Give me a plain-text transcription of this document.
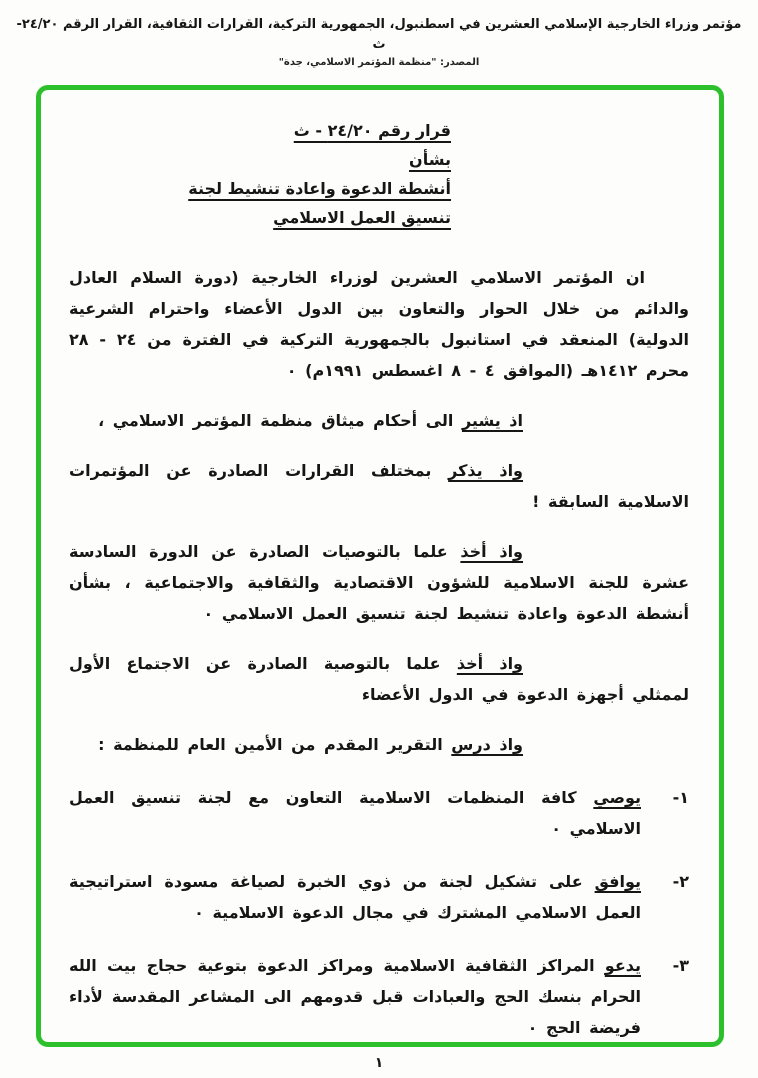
مؤتمر وزراء الخارجية الإسلامي العشرين في اسطنبول، الجمهورية التركية، القرارات الثقافية، القرار الرقم ٢٤/٢٠-ث
المصدر: "منظمة المؤتمر الاسلامي، جدة"
قرار رقم ٢٤/٢٠ - ث
بشأن
أنشطة الدعوة واعادة تنشيط لجنة
تنسيق العمل الاسلامي

ان المؤتمر الاسلامي العشرين لوزراء الخارجية (دورة السلام العادل والدائم من خلال الحوار والتعاون بين الدول الأعضاء واحترام الشرعية الدولية) المنعقد في استانبول بالجمهورية التركية في الفترة من ٢٤ - ٢٨ محرم ١٤١٢هـ (الموافق ٤ - ٨ اغسطس ١٩٩١م) ٠

اذ يشير الى أحكام ميثاق منظمة المؤتمر الاسلامي ،

واذ يذكر بمختلف القرارات الصادرة عن المؤتمرات الاسلامية السابقة !

واذ أخذ علما بالتوصيات الصادرة عن الدورة السادسة عشرة للجنة الاسلامية للشؤون الاقتصادية والثقافية والاجتماعية ، بشأن أنشطة الدعوة واعادة تنشيط لجنة تنسيق العمل الاسلامي ٠

واذ أخذ علما بالتوصية الصادرة عن الاجتماع الأول لممثلي أجهزة الدعوة في الدول الأعضاء

واذ درس التقرير المقدم من الأمين العام للمنظمة :

١-

يوصي كافة المنظمات الاسلامية التعاون مع لجنة تنسيق العمل الاسلامي ٠

٢-

يوافق على تشكيل لجنة من ذوي الخبرة لصياغة مسودة استراتيجية العمل الاسلامي المشترك في مجال الدعوة الاسلامية ٠

٣-

يدعو المراكز الثقافية الاسلامية ومراكز الدعوة بتوعية حجاج بيت الله الحرام بنسك الحج والعبادات قبل قدومهم الى المشاعر المقدسة لأداء فريضة الحج ٠

١
